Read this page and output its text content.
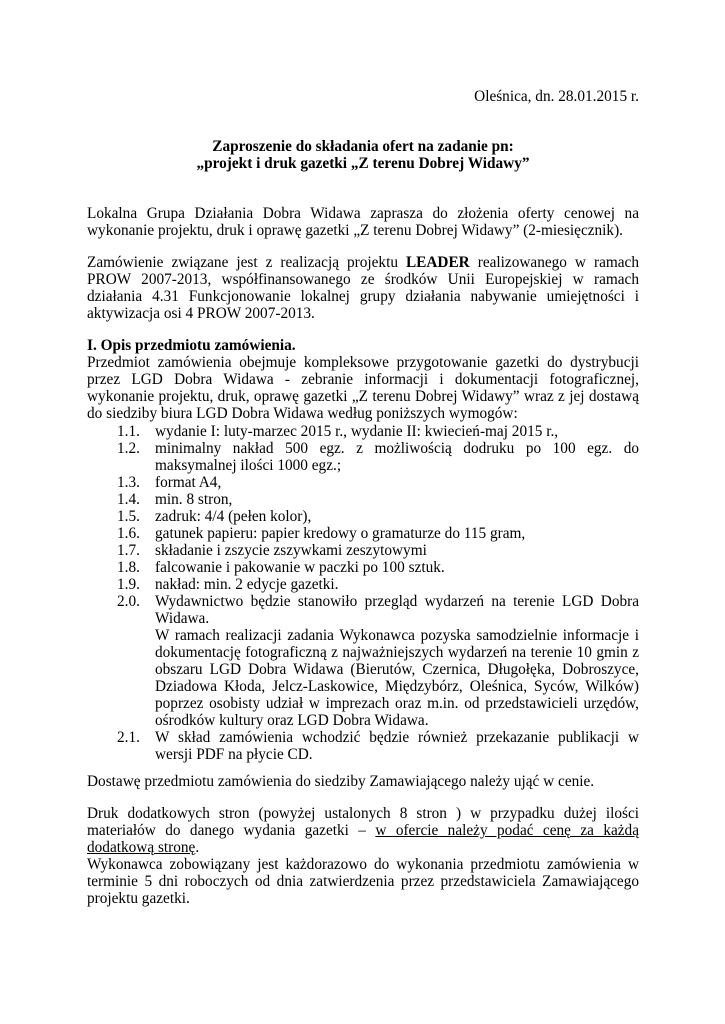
Oleśnica, dn. 28.01.2015 r.
Zaproszenie do składania ofert na zadanie pn:
„projekt i druk gazetki „Z terenu Dobrej Widawy”
Lokalna Grupa Działania Dobra Widawa zaprasza do złożenia oferty cenowej na wykonanie projektu, druk i oprawę gazetki „Z terenu Dobrej Widawy” (2-miesięcznik).
Zamówienie związane jest z realizacją projektu LEADER realizowanego w ramach PROW 2007-2013, współfinansowanego ze środków Unii Europejskiej w ramach działania 4.31 Funkcjonowanie lokalnej grupy działania nabywanie umiejętności i aktywizacja osi 4 PROW 2007-2013.
I. Opis przedmiotu zamówienia.
Przedmiot zamówienia obejmuje kompleksowe przygotowanie gazetki do dystrybucji przez LGD Dobra Widawa - zebranie informacji i dokumentacji fotograficznej, wykonanie projektu, druk, oprawę gazetki „Z terenu Dobrej Widawy” wraz z jej dostawą do siedziby biura LGD Dobra Widawa według poniższych wymogów:
1.1. wydanie I: luty-marzec 2015 r., wydanie II: kwiecień-maj 2015 r.,
1.2. minimalny nakład 500 egz. z możliwością dodruku po 100 egz. do maksymalnej ilości 1000 egz.;
1.3. format A4,
1.4. min. 8 stron,
1.5. zadruk: 4/4 (pełen kolor),
1.6. gatunek papieru: papier kredowy o gramaturze do 115 gram,
1.7. składanie i zszycie zszywkami zeszytowymi
1.8. falcowanie i pakowanie w paczki po 100 sztuk.
1.9. nakład: min. 2 edycje gazetki.
2.0. Wydawnictwo będzie stanowiło przegląd wydarzeń na terenie LGD Dobra Widawa.
W ramach realizacji zadania Wykonawca pozyska samodzielnie informacje i dokumentację fotograficzną z najważniejszych wydarzeń na terenie 10 gmin z obszaru LGD Dobra Widawa (Bierutów, Czernica, Długołęka, Dobroszyce, Dziadowa Kłoda, Jelcz-Laskowice, Międzybórz, Oleśnica, Syców, Wilków) poprzez osobisty udział w imprezach oraz m.in. od przedstawicieli urzędów, ośrodków kultury oraz LGD Dobra Widawa.
2.1. W skład zamówienia wchodzić będzie również przekazanie publikacji w wersji PDF na płycie CD.
Dostawę przedmiotu zamówienia do siedziby Zamawiającego należy ująć w cenie.
Druk dodatkowych stron (powyżej ustalonych 8 stron ) w przypadku dużej ilości materiałów do danego wydania gazetki – w ofercie należy podać cenę za każdą dodatkową stronę.
Wykonawca zobowiązany jest każdorazowo do wykonania przedmiotu zamówienia w terminie 5 dni roboczych od dnia zatwierdzenia przez przedstawiciela Zamawiającego projektu gazetki.
